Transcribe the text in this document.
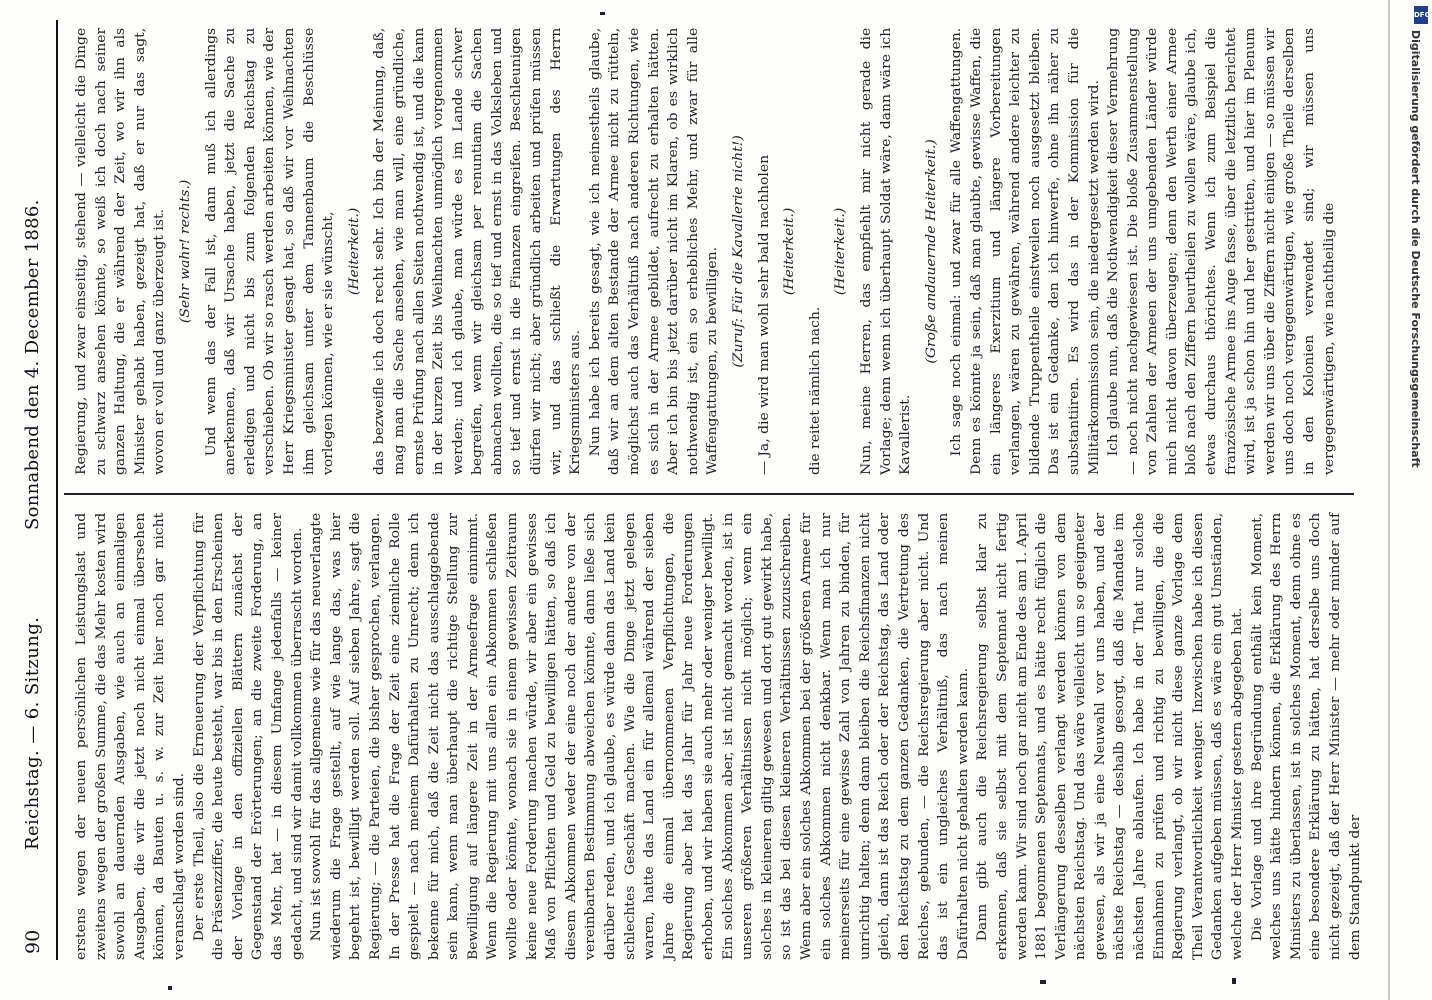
90
Reichstag. — 6. Sitzung.
Sonnabend den 4. December 1886.

erstens wegen der neuen persönlichen Leistungslast und zweitens wegen der großen Summe, die das Mehr kosten wird sowohl an dauernden Ausgaben, wie auch an einmaligen Ausgaben, die wir die jetzt noch nicht einmal übersehen können, da Bauten u. s. w. zur Zeit hier noch gar nicht veranschlagt worden sind. Der erste Theil, also die Erneuerung der Verpflichtung für die Präsenzziffer, die heute besteht, war bis in den Erscheinen der Vorlage in den offiziellen Blättern zunächst der Gegenstand der Erörterungen; an die zweite Forderung, an das Mehr, hat — in diesem Umfange jedenfalls — keiner gedacht, und sind wir damit vollkommen überrascht worden. Nun ist sowohl für das allgemeine wie für das neuverlangte wiederum die Frage gestellt, auf wie lange das, was hier begehrt ist, bewilligt werden soll. Auf sieben Jahre, sagt die Regierung; — die Parteien, die bisher gesprochen, verlangen. In der Presse hat die Frage der Zeit eine ziemliche Rolle gespielt — nach meinem Dafürhalten zu Unrecht; denn ich bekenne für mich, daß die Zeit nicht das ausschlaggebende sein kann, wenn man überhaupt die richtige Stellung zur Bewilligung auf längere Zeit in der Armeefrage einnimmt. Wenn die Regierung mit uns allen ein Abkommen schließen wollte oder könnte, wonach sie in einem gewissen Zeitraum keine neue Forderung machen würde, wir aber ein gewisses Maß von Pflichten und Geld zu bewilligen hätten, so daß ich diesem Abkommen weder der eine noch der andere von der vereinbarten Bestimmung abweichen könnte, dann ließe sich darüber reden, und ich glaube, es würde dann das Land kein schlechtes Geschäft machen. Wie die Dinge jetzt gelegen waren, hatte das Land ein für allemal während der sieben Jahre die einmal übernommenen Verpflichtungen, die Regierung aber hat das Jahr für Jahr neue Forderungen erhoben, und wir haben sie auch mehr oder weniger bewilligt. Ein solches Abkommen aber, ist nicht gemacht worden, ist in unseren größeren Verhältnissen nicht möglich; wenn ein solches in kleineren giltig gewesen und dort gut gewirkt habe, so ist das bei diesen kleineren Verhältnissen zuzuschreiben. Wenn aber ein solches Abkommen bei der größeren Armee für ein solches Abkommen nicht denkbar. Wenn man ich nur meinerseits für eine gewisse Zahl von Jahren zu binden, für unrichtig halten; denn dann bleiben die Reichsfinanzen nicht gleich, dann ist das Reich oder der Reichstag, das Land oder den Reichstag zu dem ganzen Gedanken, die Vertretung des Reiches, gebunden, — die Reichsregierung aber nicht. Und das ist ein ungleiches Verhältniß, das nach meinen Dafürhalten nicht gehalten werden kann. Dann gibt auch die Reichsregierung selbst klar zu erkennen, daß sie selbst mit dem Septennat nicht fertig werden kann. Wir sind noch gar nicht am Ende des am 1. April 1881 begonnenen Septennats, und es hätte recht füglich die Verlängerung desselben verlangt werden können von dem nächsten Reichstag. Und das wäre vielleicht um so geeigneter gewesen, als wir ja eine Neuwahl vor uns haben, und der nächste Reichstag — deshalb gesorgt, daß die Mandate im nächsten Jahre ablaufen. Ich habe in der That nur solche Einnahmen zu prüfen und richtig zu bewilligen, die die Regierung verlangt, ob wir nicht diese ganze Vorlage dem Theil Verantwortlichkeit weniger. Inzwischen habe ich diesen Gedanken aufgeben müssen, daß es wäre ein gut Umständen, welche der Herr Minister gestern abgegeben hat. Die Vorlage und ihre Begründung enthält kein Moment, welches uns hätte hindern können, die Erklärung des Herrn Ministers zu überlassen, ist in solches Moment, denn ohne es eine besondere Erklärung zu hätten, hat derselbe uns doch nicht gezeigt, daß der Herr Minister — mehr oder minder auf dem Standpunkt der

Regierung, und zwar einseitig, stehend — vielleicht die Dinge zu schwarz ansehen könnte, so weiß ich doch nach seiner ganzen Haltung, die er während der Zeit, wo wir ihn als Minister gehabt haben, gezeigt hat, daß er nur das sagt, wovon er voll und ganz überzeugt ist. (Sehr wahr! rechts.) Und wenn das der Fall ist, dann muß ich allerdings anerkennen, daß wir Ursache haben, jetzt die Sache zu erledigen und nicht bis zum folgenden Reichstag zu verschieben. Ob wir so rasch werden arbeiten können, wie der Herr Kriegsminister gesagt hat, so daß wir vor Weihnachten ihm gleichsam unter dem Tannenbaum die Beschlüsse vorlegen können, wie er sie wünscht, (Heiterkeit.) das bezweifle ich doch recht sehr. Ich bin der Meinung, daß, mag man die Sache ansehen, wie man will, eine gründliche, ernste Prüfung nach allen Seiten nothwendig ist, und die kann in der kurzen Zeit bis Weihnachten unmöglich vorgenommen werden; und ich glaube, man würde es im Lande schwer begreifen, wenn wir gleichsam per renuntiam die Sachen abmachen wollten, die so tief und ernst in das Volksleben und so tief und ernst in die Finanzen eingreifen. Beschleunigen dürfen wir nicht; aber gründlich arbeiten und prüfen müssen wir, und das schließt die Erwartungen des Herrn Kriegsministers aus. Nun habe ich bereits gesagt, wie ich meinestheils glaube, daß wir an dem alten Bestande der Armee nicht zu rütteln, möglichst auch das Verhältniß nach anderen Richtungen, wie es sich in der Armee gebildet, aufrecht zu erhalten hätten. Aber ich bin bis jetzt darüber nicht im Klaren, ob es wirklich nothwendig ist, ein so erhebliches Mehr, und zwar für alle Waffengattungen, zu bewilligen. (Zuruf: Für die Kavallerie nicht!) — Ja, die wird man wohl sehr bald nachholen (Heiterkeit.)

die reitet nämlich nach.

(Heiterkeit.) Nun, meine Herren, das empfiehlt mir nicht gerade die Vorlage; denn wenn ich überhaupt Soldat wäre, dann wäre ich Kavallerist.

(Große andauernde Heiterkeit.) Ich sage noch einmal: und zwar für alle Waffengattungen. Denn es könnte ja sein, daß man glaubte, gewisse Waffen, die ein längeres Exerzitium und längere Vorbereitungen verlangen, wären zu gewähren, während andere leichter zu bildende Truppentheile einstweilen noch ausgesetzt bleiben. Das ist ein Gedanke, den ich hinwerfe, ohne ihn näher zu substantiiren. Es wird das in der Kommission für die Militärkommission sein, die niedergesetzt werden wird. Ich glaube nun, daß die Nothwendigkeit dieser Vermehrung — noch nicht nachgewiesen ist. Die bloße Zusammenstellung von Zahlen der Armeen der uns umgebenden Länder würde mich nicht davon überzeugen; denn den Werth einer Armee bloß nach den Ziffern beurtheilen zu wollen wäre, glaube ich, etwas durchaus thörichtes. Wenn ich zum Beispiel die französische Armee ins Auge fasse, über die letztlich berichtet wird, ist ja schon hin und her gestritten, und hier im Plenum werden wir uns über die Ziffern nicht einigen — so müssen wir uns doch noch vergegenwärtigen, wie große Theile derselben in den Kolonien verwendet sind; wir müssen uns vergegenwärtigen, wie nachtheilig die

DFG
Digitalisierung gefördert durch die Deutsche Forschungsgemeinschaft
